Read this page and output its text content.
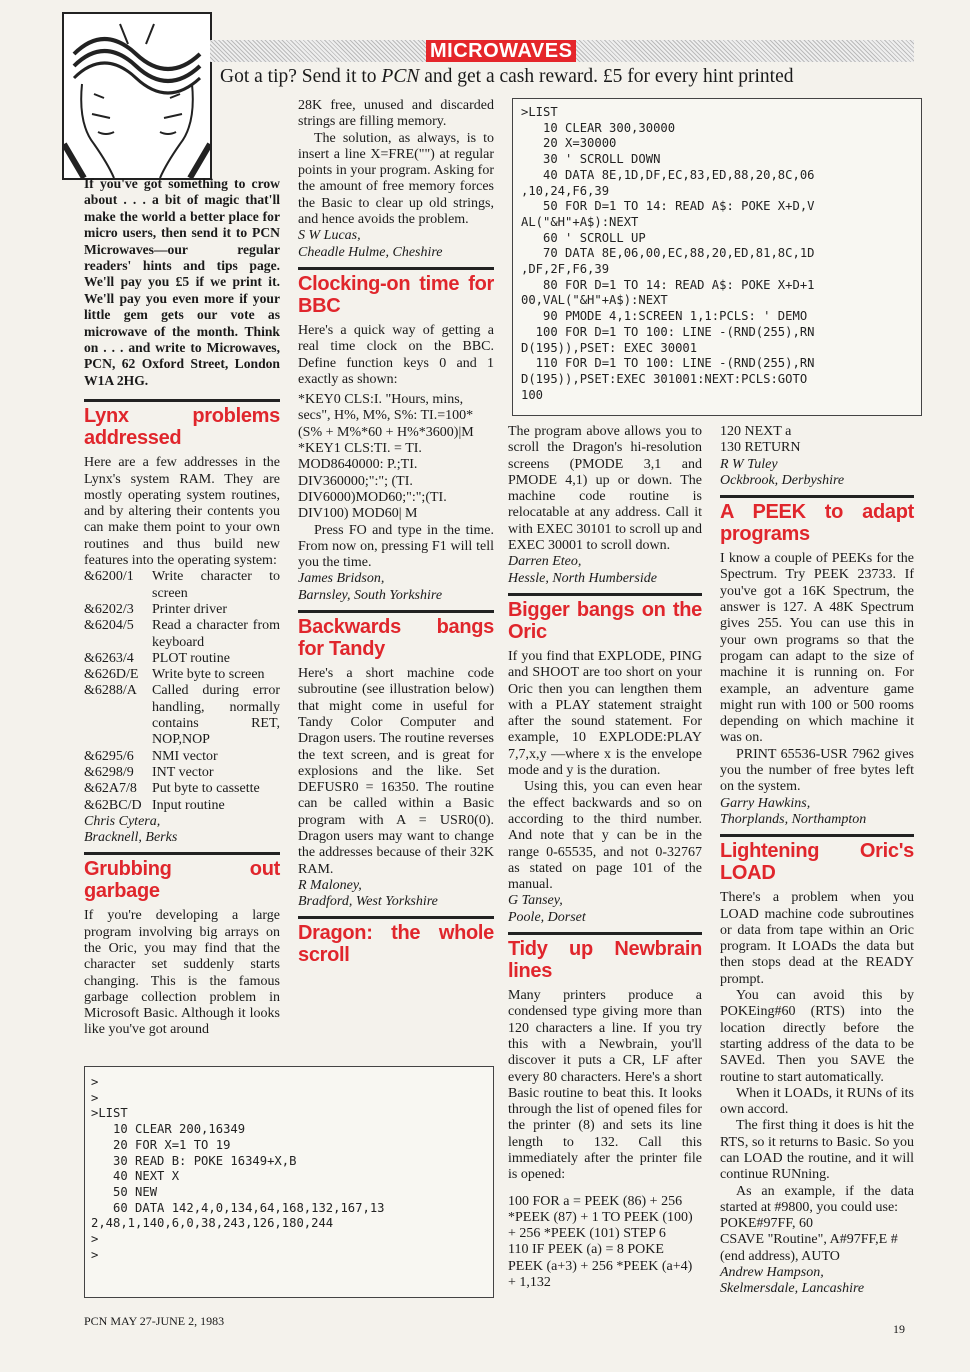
MICROWAVES
Got a tip? Send it to PCN and get a cash reward. £5 for every hint printed
If you've got something to crow about . . . a bit of magic that'll make the world a better place for micro users, then send it to PCN Microwaves—our regular readers' hints and tips page. We'll pay you £5 if we print it. We'll pay you even more if your little gem gets our vote as microwave of the month. Think on . . . and write to Microwaves, PCN, 62 Oxford Street, London W1A 2HG.
Lynx problems addressed

Here are a few addresses in the Lynx's system RAM. They are mostly operating system routines, and by altering their contents you can make them point to your own routines and thus build new features into the operating system:

&6200/1	Write character to screen
&6202/3	Printer driver
&6204/5	Read a character from keyboard
&6263/4	PLOT routine
&626D/E	Write byte to screen
&6288/A	Called during error handling, normally contains RET, NOP,NOP
&6295/6	NMI vector
&6298/9	INT vector
&62A7/8	Put byte to cassette
&62BC/D	Input routine
Chris Cytera,
Bracknell, Berks
Grubbing out garbage

If you're developing a large program involving big arrays on the Oric, you may find that the character set suddenly starts changing. This is the famous garbage collection problem in Microsoft Basic. Although it looks like you've got around

28K free, unused and discarded strings are filling memory.

The solution, as always, is to insert a line X=FRE("") at regular points in your program. Asking for the amount of free memory forces the Basic to clear up old strings, and hence avoids the problem.

S W Lucas,
Cheadle Hulme, Cheshire
Clocking-on time for BBC

Here's a quick way of getting a real time clock on the BBC. Define function keys 0 and 1 exactly as shown:

*KEY0 CLS:I. "Hours, mins, secs", H%, M%, S%: TI.=100* (S% + M%*60 + H%*3600)|M

*KEY1 CLS:TI. = TI. MOD8640000: P.;TI. DIV360000;":"; (TI. DIV6000)MOD60;":";(TI. DIV100) MOD60| M

Press FO and type in the time. From now on, pressing F1 will tell you the time.

James Bridson,
Barnsley, South Yorkshire
Backwards bangs for Tandy

Here's a short machine code subroutine (see illustration below) that might come in useful for Tandy Color Computer and Dragon users. The routine reverses the text screen, and is great for explosions and the like. Set DEFUSR0 = 16350. The routine can be called within a Basic program with A = USR0(0). Dragon users may want to change the addresses because of their 32K RAM.

R Maloney,
Bradford, West Yorkshire
Dragon: the whole scroll
>LIST
10 CLEAR 300,30000
20 X=30000
30 ' SCROLL DOWN
40 DATA 8E,1D,DF,EC,83,ED,88,20,8C,06
,10,24,F6,39
50 FOR D=1 TO 14: READ A$: POKE X+D,V
AL("&H"+A$):NEXT
60 ' SCROLL UP
70 DATA 8E,06,00,EC,88,20,ED,81,8C,1D
,DF,2F,F6,39
80 FOR D=1 TO 14: READ A$: POKE X+D+1
00,VAL("&H"+A$):NEXT
90 PMODE 4,1:SCREEN 1,1:PCLS: ' DEMO
100 FOR D=1 TO 100: LINE -(RND(255),RN
D(195)),PSET: EXEC 30001
110 FOR D=1 TO 100: LINE -(RND(255),RN
D(195)),PSET:EXEC 301001:NEXT:PCLS:GOTO
100

The program above allows you to scroll the Dragon's hi-resolution screens (PMODE 3,1 and PMODE 4,1) up or down. The machine code routine is relocatable at any address. Call it with EXEC 30101 to scroll up and EXEC 30001 to scroll down.

Darren Eteo,
Hessle, North Humberside
Bigger bangs on the Oric

If you find that EXPLODE, PING and SHOOT are too short on your Oric then you can lengthen them with a PLAY statement straight after the sound statement. For example, 10 EXPLODE:PLAY 7,7,x,y —where x is the envelope mode and y is the duration.

Using this, you can even hear the effect backwards and so on according to the third number. And note that y can be in the range 0-65535, and not 0-32767 as stated on page 101 of the manual.

G Tansey,
Poole, Dorset
Tidy up Newbrain lines

Many printers produce a condensed type giving more than 120 characters a line. If you try this with a Newbrain, you'll discover it puts a CR, LF after every 80 characters. Here's a short Basic routine to beat this. It looks through the list of opened files for the printer (8) and sets its line length to 132. Call this immediately after the printer file is opened:

100 FOR a = PEEK (86) + 256 *PEEK (87) + 1 TO PEEK (100) + 256 *PEEK (101) STEP 6

110 IF PEEK (a) = 8 POKE PEEK (a+3) + 256 *PEEK (a+4) + 1,132

120 NEXT a

130 RETURN

R W Tuley
Ockbrook, Derbyshire
A PEEK to adapt programs

I know a couple of PEEKs for the Spectrum. Try PEEK 23733. If you've got a 16K Spectrum, the answer is 127. A 48K Spectrum gives 255. You can use this in your own programs so that the progam can adapt to the size of machine it is running on. For example, an adventure game might run with 100 or 500 rooms depending on which machine it was on.

PRINT 65536-USR 7962 gives you the number of free bytes left on the system.

Garry Hawkins,
Thorplands, Northampton
Lightening Oric's LOAD

There's a problem when you LOAD machine code subroutines or data from tape within an Oric program. It LOADs the data but then stops dead at the READY prompt.

You can avoid this by POKEing#60 (RTS) into the location directly before the starting address of the data to be SAVEd. Then you SAVE the routine to start automatically.

When it LOADs, it RUNs of its own accord.

The first thing it does is hit the RTS, so it returns to Basic. So you can LOAD the routine, and it will continue RUNning.

As an example, if the data started at #9800, you could use:

POKE#97FF, 60

CSAVE "Routine", A#97FF,E #(end address), AUTO

Andrew Hampson,
Skelmersdale, Lancashire
>
>
>LIST
10 CLEAR 200,16349
20 FOR X=1 TO 19
30 READ B: POKE 16349+X,B
40 NEXT X
50 NEW
60 DATA 142,4,0,134,64,168,132,167,13
2,48,1,140,6,0,38,243,126,180,244
>
>
PCN MAY 27-JUNE 2, 1983
19
